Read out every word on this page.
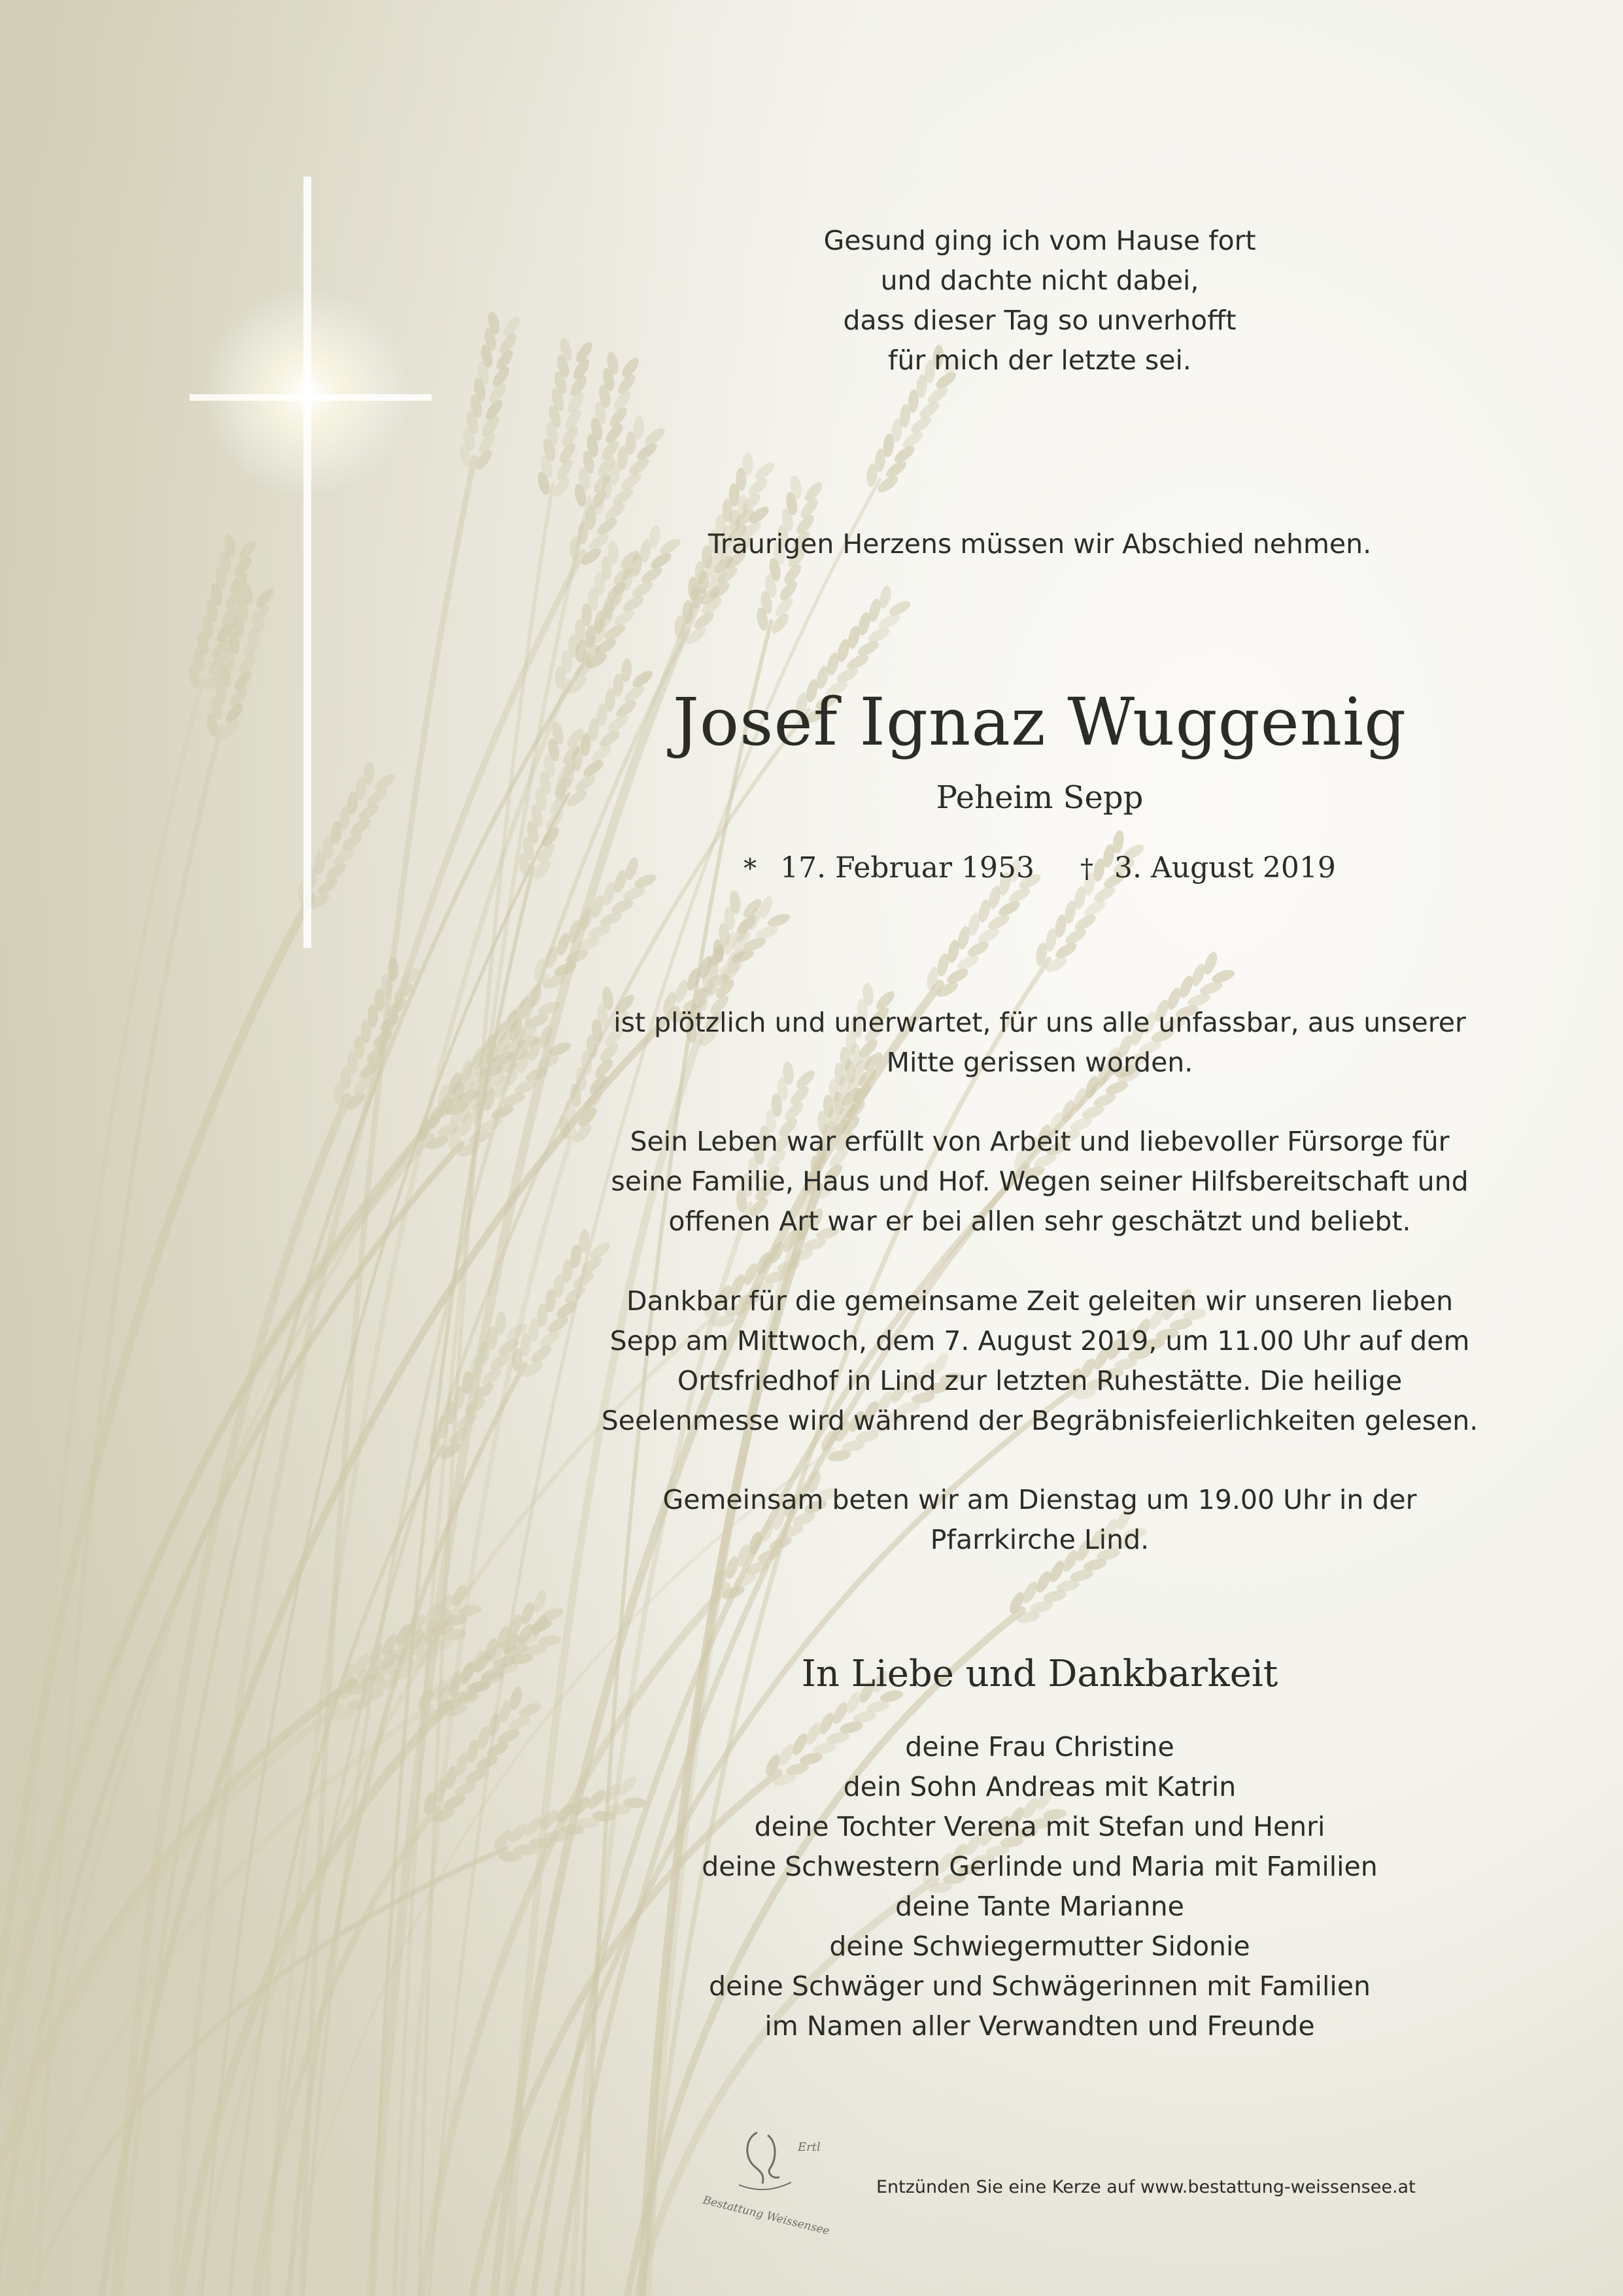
Gesund ging ich vom Hause fort
und dachte nicht dabei,
dass dieser Tag so unverhofft
für mich der letzte sei.
Traurigen Herzens müssen wir Abschied nehmen.
Josef Ignaz Wuggenig
Peheim Sepp
* 17. Februar 1953 † 3. August 2019
ist plötzlich und unerwartet, für uns alle unfassbar, aus unserer
Mitte gerissen worden.
Sein Leben war erfüllt von Arbeit und liebevoller Fürsorge für
seine Familie, Haus und Hof. Wegen seiner Hilfsbereitschaft und
offenen Art war er bei allen sehr geschätzt und beliebt.
Dankbar für die gemeinsame Zeit geleiten wir unseren lieben
Sepp am Mittwoch, dem 7. August 2019, um 11.00 Uhr auf dem
Ortsfriedhof in Lind zur letzten Ruhestätte. Die heilige
Seelenmesse wird während der Begräbnisfeierlichkeiten gelesen.
Gemeinsam beten wir am Dienstag um 19.00 Uhr in der
Pfarrkirche Lind.
In Liebe und Dankbarkeit
deine Frau Christine
dein Sohn Andreas mit Katrin
deine Tochter Verena mit Stefan und Henri
deine Schwestern Gerlinde und Maria mit Familien
deine Tante Marianne
deine Schwiegermutter Sidonie
deine Schwäger und Schwägerinnen mit Familien
im Namen aller Verwandten und Freunde
Ertl
Bestattung Weissensee
Entzünden Sie eine Kerze auf www.bestattung-weissensee.at
